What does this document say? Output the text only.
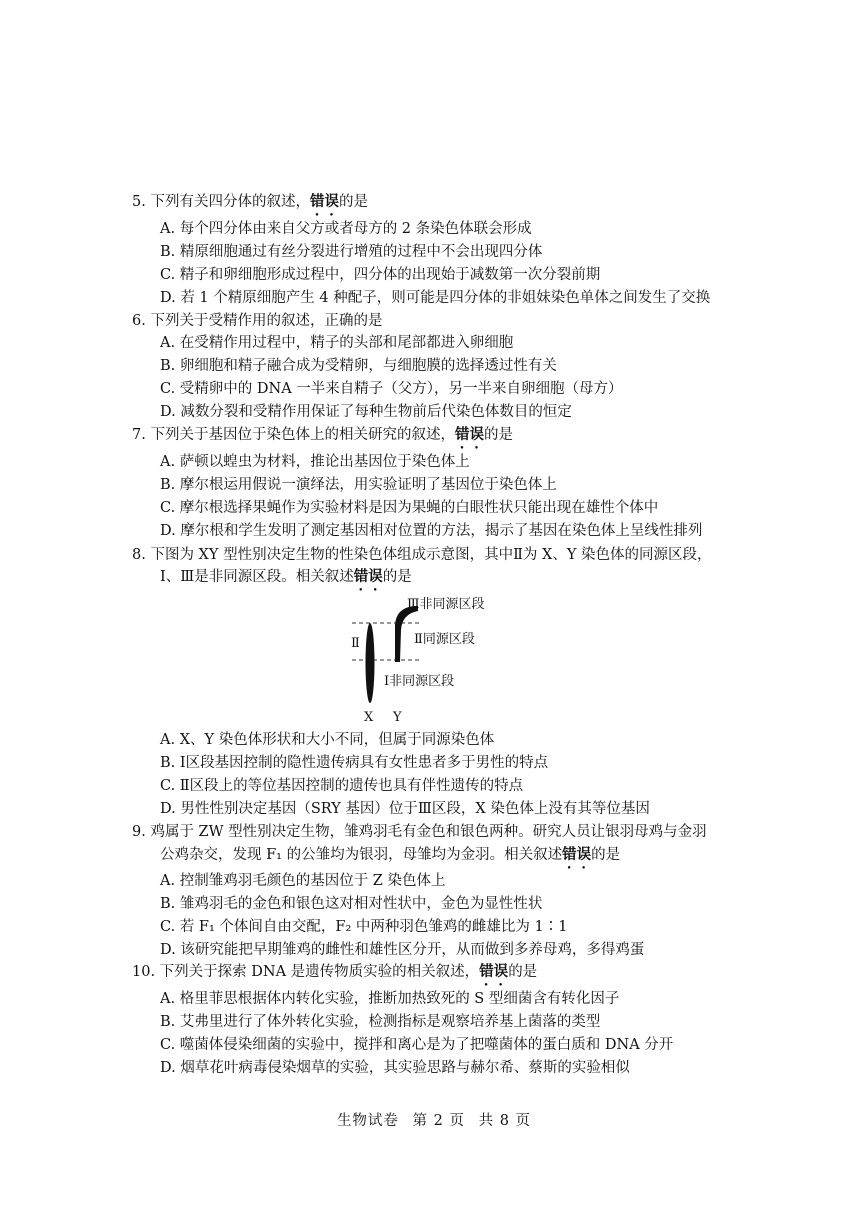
5. 下列有关四分体的叙述，错误的是
A. 每个四分体由来自父方或者母方的 2 条染色体联会形成
B. 精原细胞通过有丝分裂进行增殖的过程中不会出现四分体
C. 精子和卵细胞形成过程中，四分体的出现始于减数第一次分裂前期
D. 若 1 个精原细胞产生 4 种配子，则可能是四分体的非姐妹染色单体之间发生了交换
6. 下列关于受精作用的叙述，正确的是
A. 在受精作用过程中，精子的头部和尾部都进入卵细胞
B. 卵细胞和精子融合成为受精卵，与细胞膜的选择透过性有关
C. 受精卵中的 DNA 一半来自精子（父方），另一半来自卵细胞（母方）
D. 减数分裂和受精作用保证了每种生物前后代染色体数目的恒定
7. 下列关于基因位于染色体上的相关研究的叙述，错误的是
A. 萨顿以蝗虫为材料，推论出基因位于染色体上
B. 摩尔根运用假说一演绎法，用实验证明了基因位于染色体上
C. 摩尔根选择果蝇作为实验材料是因为果蝇的白眼性状只能出现在雄性个体中
D. 摩尔根和学生发明了测定基因相对位置的方法，揭示了基因在染色体上呈线性排列
8. 下图为 XY 型性别决定生物的性染色体组成示意图，其中Ⅱ为 X、Y 染色体的同源区段，
Ⅰ、Ⅲ是非同源区段。相关叙述错误的是
Ⅲ非同源区段
Ⅱ同源区段
Ⅱ
Ⅰ非同源区段
X Y
A. X、Y 染色体形状和大小不同，但属于同源染色体
B. Ⅰ区段基因控制的隐性遗传病具有女性患者多于男性的特点
C. Ⅱ区段上的等位基因控制的遗传也具有伴性遗传的特点
D. 男性性别决定基因（SRY 基因）位于Ⅲ区段，X 染色体上没有其等位基因
9. 鸡属于 ZW 型性别决定生物，雏鸡羽毛有金色和银色两种。研究人员让银羽母鸡与金羽
公鸡杂交，发现 F₁ 的公雏均为银羽，母雏均为金羽。相关叙述错误的是
A. 控制雏鸡羽毛颜色的基因位于 Z 染色体上
B. 雏鸡羽毛的金色和银色这对相对性状中，金色为显性性状
C. 若 F₁ 个体间自由交配，F₂ 中两种羽色雏鸡的雌雄比为 1∶1
D. 该研究能把早期雏鸡的雌性和雄性区分开，从而做到多养母鸡，多得鸡蛋
10. 下列关于探索 DNA 是遗传物质实验的相关叙述，错误的是
A. 格里菲思根据体内转化实验，推断加热致死的 S 型细菌含有转化因子
B. 艾弗里进行了体外转化实验，检测指标是观察培养基上菌落的类型
C. 噬菌体侵染细菌的实验中，搅拌和离心是为了把噬菌体的蛋白质和 DNA 分开
D. 烟草花叶病毒侵染烟草的实验，其实验思路与赫尔希、蔡斯的实验相似
生物试卷 第 2 页 共 8 页
